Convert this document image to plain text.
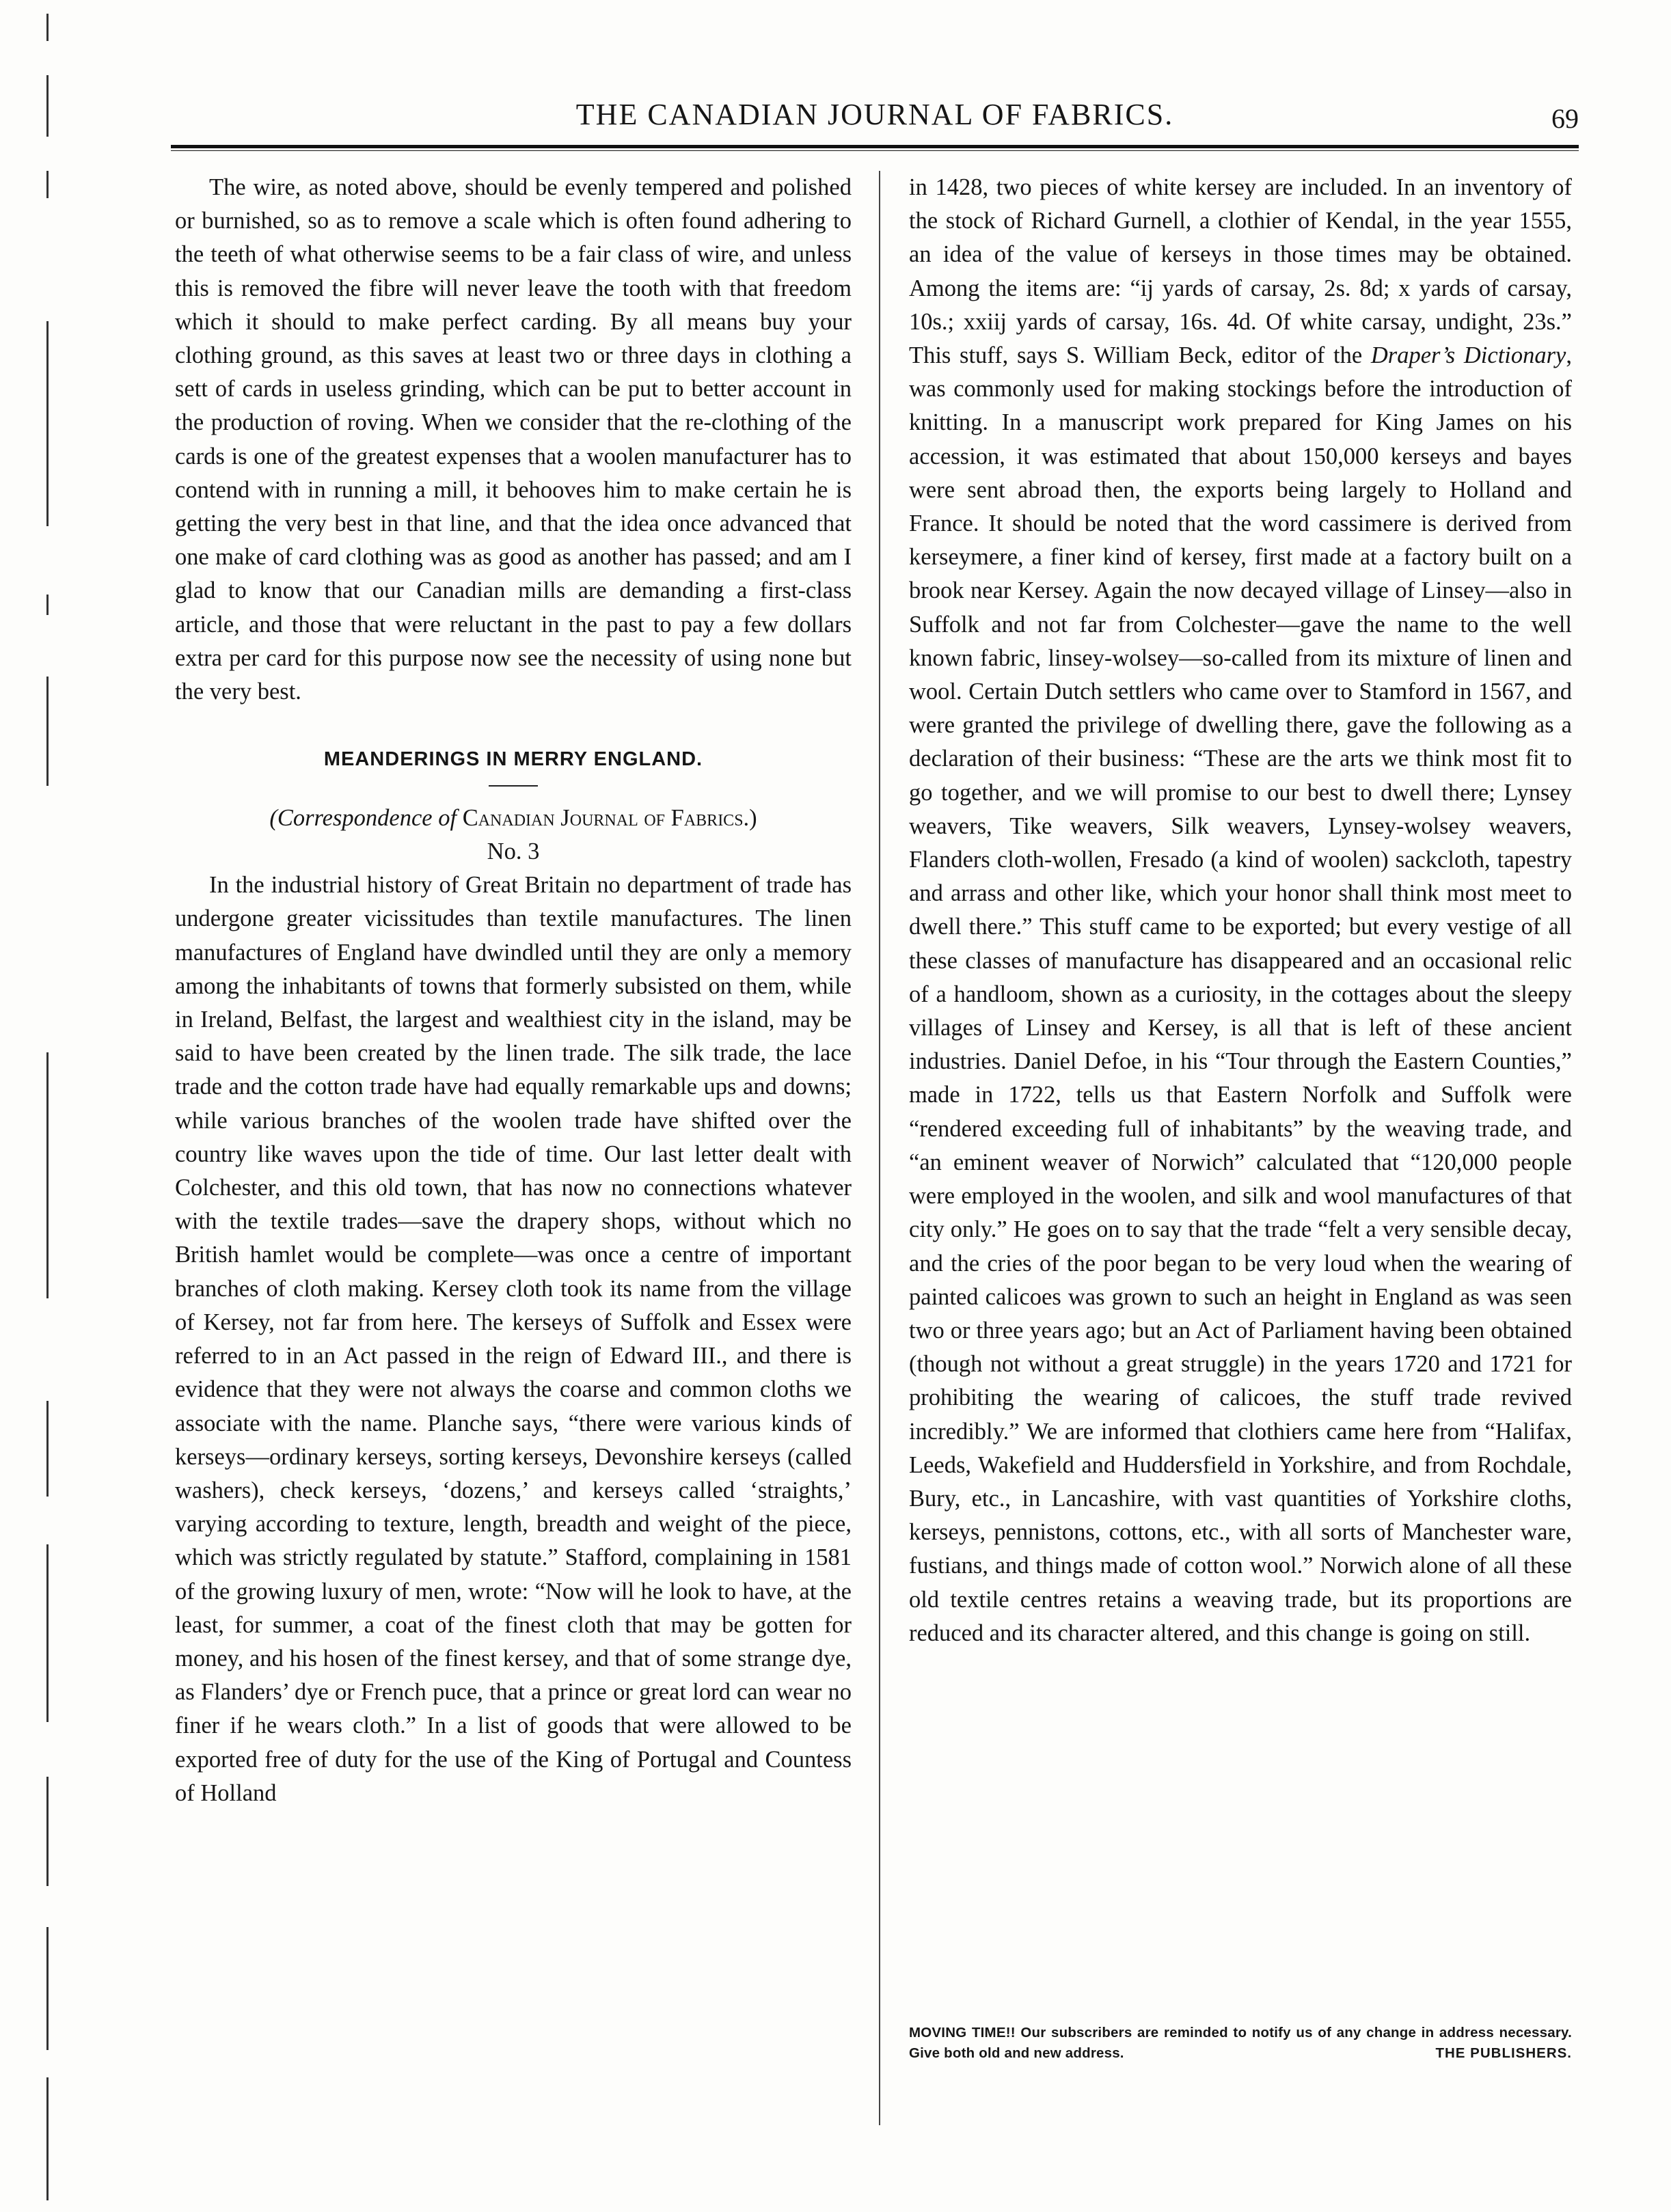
THE CANADIAN JOURNAL OF FABRICS.	69

The wire, as noted above, should be evenly tempered and polished or burnished, so as to remove a scale which is often found adhering to the teeth of what otherwise seems to be a fair class of wire, and unless this is removed the fibre will never leave the tooth with that freedom which it should to make perfect carding. By all means buy your clothing ground, as this saves at least two or three days in clothing a sett of cards in useless grinding, which can be put to better account in the production of roving. When we consider that the re-clothing of the cards is one of the greatest expenses that a woolen manufacturer has to contend with in running a mill, it behooves him to make certain he is getting the very best in that line, and that the idea once advanced that one make of card clothing was as good as another has passed; and am I glad to know that our Canadian mills are demanding a first-class article, and those that were reluctant in the past to pay a few dollars extra per card for this purpose now see the necessity of using none but the very best.

MEANDERINGS IN MERRY ENGLAND.
(Correspondence of Canadian Journal of Fabrics.)
No. 3

In the industrial history of Great Britain no department of trade has undergone greater vicissitudes than textile manufactures. The linen manufactures of England have dwindled until they are only a memory among the inhabitants of towns that formerly subsisted on them, while in Ireland, Belfast, the largest and wealthiest city in the island, may be said to have been created by the linen trade. The silk trade, the lace trade and the cotton trade have had equally remarkable ups and downs; while various branches of the woolen trade have shifted over the country like waves upon the tide of time. Our last letter dealt with Colchester, and this old town, that has now no connections whatever with the textile trades—save the drapery shops, without which no British hamlet would be complete—was once a centre of important branches of cloth making. Kersey cloth took its name from the village of Kersey, not far from here. The kerseys of Suffolk and Essex were referred to in an Act passed in the reign of Edward III., and there is evidence that they were not always the coarse and common cloths we associate with the name. Planche says, “there were various kinds of kerseys—ordinary kerseys, sorting kerseys, Devonshire kerseys (called washers), check kerseys, ‘dozens,’ and kerseys called ‘straights,’ varying according to texture, length, breadth and weight of the piece, which was strictly regulated by statute.” Stafford, complaining in 1581 of the growing luxury of men, wrote: “Now will he look to have, at the least, for summer, a coat of the finest cloth that may be gotten for money, and his hosen of the finest kersey, and that of some strange dye, as Flanders’ dye or French puce, that a prince or great lord can wear no finer if he wears cloth.” In a list of goods that were allowed to be exported free of duty for the use of the King of Portugal and Countess of Holland

in 1428, two pieces of white kersey are included. In an inventory of the stock of Richard Gurnell, a clothier of Kendal, in the year 1555, an idea of the value of kerseys in those times may be obtained. Among the items are: “ij yards of carsay, 2s. 8d; x yards of carsay, 10s.; xxiij yards of carsay, 16s. 4d. Of white carsay, undight, 23s.” This stuff, says S. William Beck, editor of the Draper’s Dictionary, was commonly used for making stockings before the introduction of knitting. In a manuscript work prepared for King James on his accession, it was estimated that about 150,000 kerseys and bayes were sent abroad then, the exports being largely to Holland and France. It should be noted that the word cassimere is derived from kerseymere, a finer kind of kersey, first made at a factory built on a brook near Kersey. Again the now decayed village of Linsey—also in Suffolk and not far from Colchester—gave the name to the well known fabric, linsey-wolsey—so-called from its mixture of linen and wool. Certain Dutch settlers who came over to Stamford in 1567, and were granted the privilege of dwelling there, gave the following as a declaration of their business: “These are the arts we think most fit to go together, and we will promise to our best to dwell there; Lynsey weavers, Tike weavers, Silk weavers, Lynsey-wolsey weavers, Flanders cloth-wollen, Fresado (a kind of woolen) sackcloth, tapestry and arrass and other like, which your honor shall think most meet to dwell there.” This stuff came to be exported; but every vestige of all these classes of manufacture has disappeared and an occasional relic of a handloom, shown as a curiosity, in the cottages about the sleepy villages of Linsey and Kersey, is all that is left of these ancient industries. Daniel Defoe, in his “Tour through the Eastern Counties,” made in 1722, tells us that Eastern Norfolk and Suffolk were “rendered exceeding full of inhabitants” by the weaving trade, and “an eminent weaver of Norwich” calculated that “120,000 people were employed in the woolen, and silk and wool manufactures of that city only.” He goes on to say that the trade “felt a very sensible decay, and the cries of the poor began to be very loud when the wearing of painted calicoes was grown to such an height in England as was seen two or three years ago; but an Act of Parliament having been obtained (though not without a great struggle) in the years 1720 and 1721 for prohibiting the wearing of calicoes, the stuff trade revived incredibly.” We are informed that clothiers came here from “Halifax, Leeds, Wakefield and Huddersfield in Yorkshire, and from Rochdale, Bury, etc., in Lancashire, with vast quantities of Yorkshire cloths, kerseys, pennistons, cottons, etc., with all sorts of Manchester ware, fustians, and things made of cotton wool.” Norwich alone of all these old textile centres retains a weaving trade, but its proportions are reduced and its character altered, and this change is going on still.

MOVING TIME!! Our subscribers are reminded to notify us of any change in address necessary. Give both old and new address.	THE PUBLISHERS.
